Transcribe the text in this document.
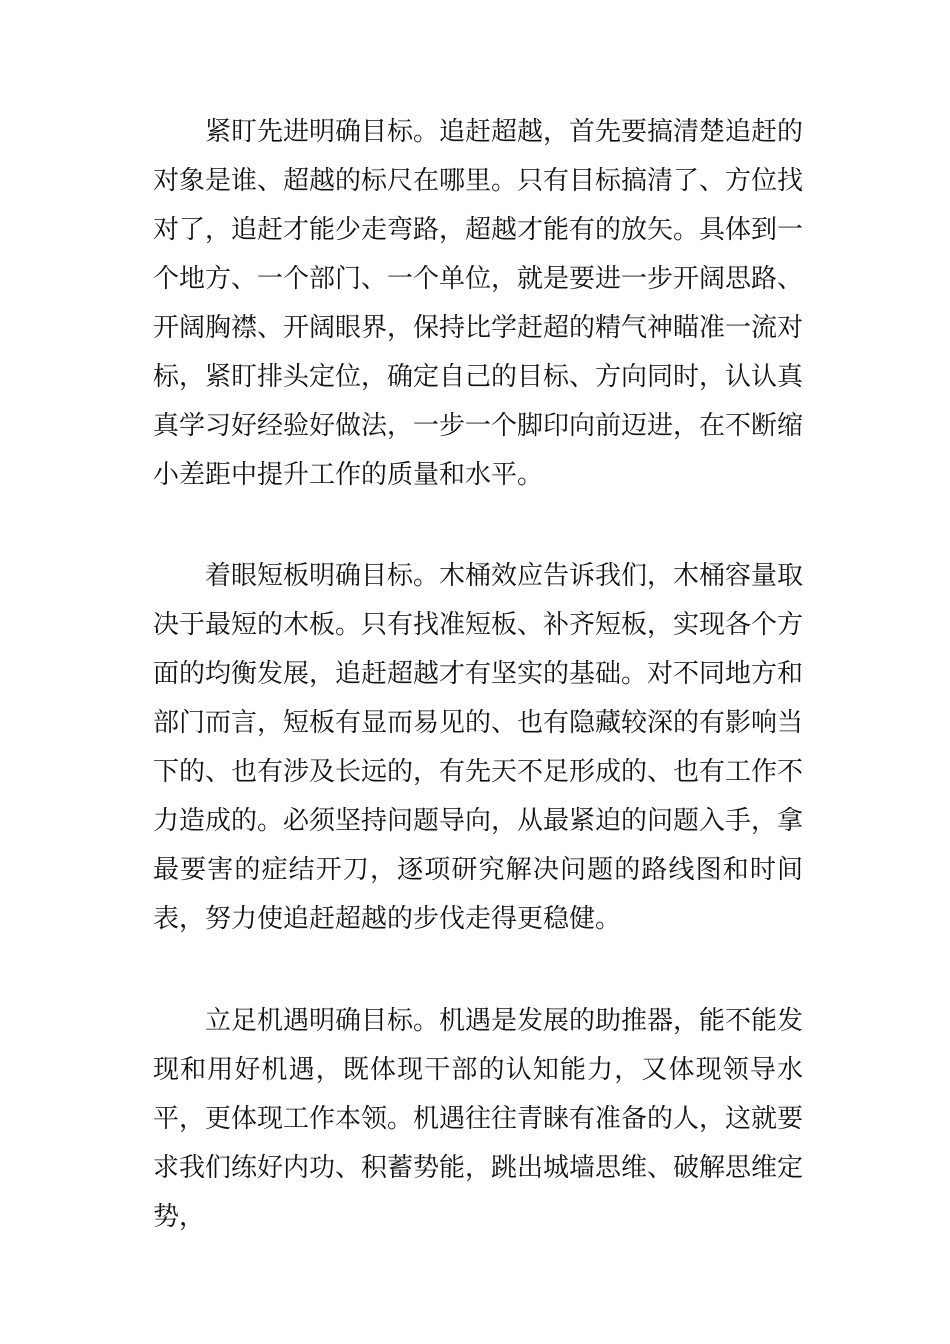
紧盯先进明确目标。追赶超越，首先要搞清楚追赶的对象是谁、超越的标尺在哪里。只有目标搞清了、方位找对了，追赶才能少走弯路，超越才能有的放矢。具体到一个地方、一个部门、一个单位，就是要进一步开阔思路、开阔胸襟、开阔眼界，保持比学赶超的精气神瞄准一流对标，紧盯排头定位，确定自己的目标、方向同时，认认真真学习好经验好做法，一步一个脚印向前迈进，在不断缩小差距中提升工作的质量和水平。

着眼短板明确目标。木桶效应告诉我们，木桶容量取决于最短的木板。只有找准短板、补齐短板，实现各个方面的均衡发展，追赶超越才有坚实的基础。对不同地方和部门而言，短板有显而易见的、也有隐藏较深的有影响当下的、也有涉及长远的，有先天不足形成的、也有工作不力造成的。必须坚持问题导向，从最紧迫的问题入手，拿最要害的症结开刀，逐项研究解决问题的路线图和时间表，努力使追赶超越的步伐走得更稳健。

立足机遇明确目标。机遇是发展的助推器，能不能发现和用好机遇，既体现干部的认知能力，又体现领导水平，更体现工作本领。机遇往往青睐有准备的人，这就要求我们练好内功、积蓄势能，跳出城墙思维、破解思维定势，
